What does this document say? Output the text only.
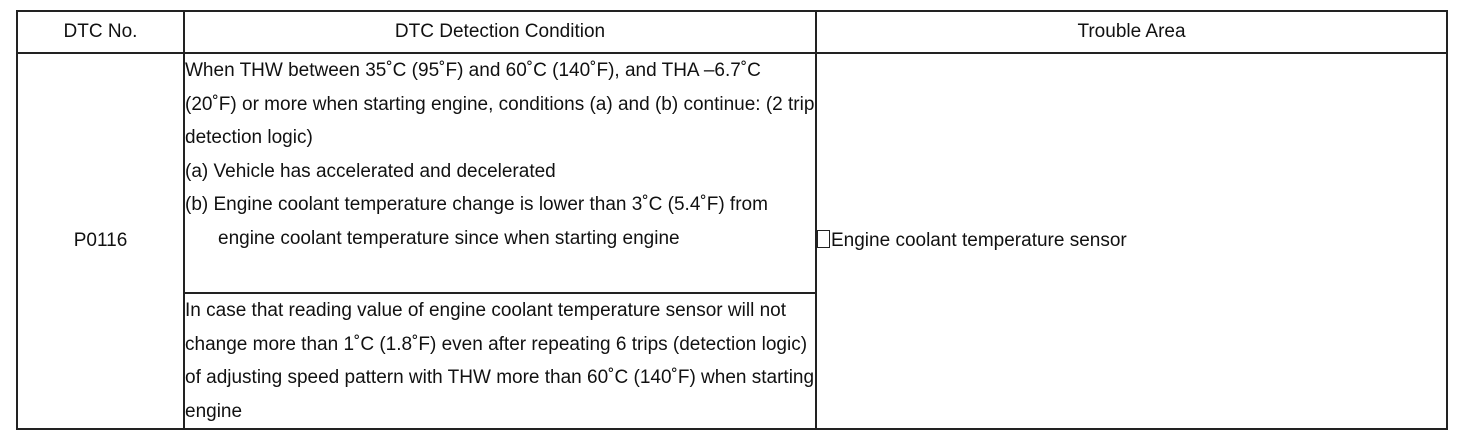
DTC No.	DTC Detection Condition	Trouble Area
P0116	When THW between 35˚C (95˚F) and 60˚C (140˚F), and THA –6.7˚C (20˚F) or more when starting engine, conditions (a) and (b) continue: (2 trip detection logic)
(a) Vehicle has accelerated and decelerated
(b) Engine coolant temperature change is lower than 3˚C (5.4˚F) from engine coolant temperature since when starting engine	Engine coolant temperature sensor
	In case that reading value of engine coolant temperature sensor will not change more than 1˚C (1.8˚F) even after repeating 6 trips (detection logic) of adjusting speed pattern with THW more than 60˚C (140˚F) when starting engine	
